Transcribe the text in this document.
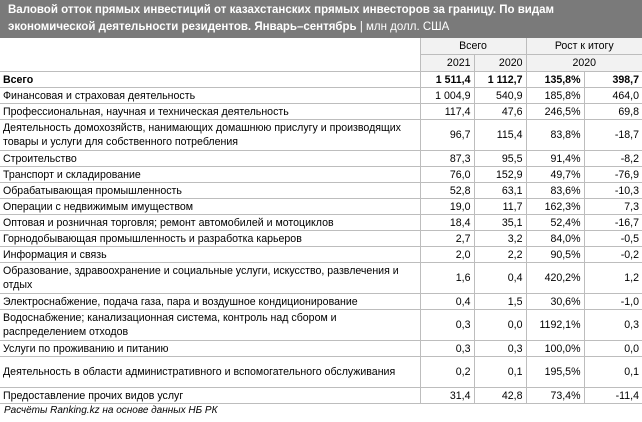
Валовой отток прямых инвестиций от казахстанских прямых инвесторов за границу. По видам экономической деятельности резидентов. Январь–сентябрь | млн долл. США
	Всего		Рост к итогу	
	2021	2020	2020	
Всего	1 511,4	1 112,7	135,8%	398,7
Финансовая и страховая деятельность	1 004,9	540,9	185,8%	464,0
Профессиональная, научная и техническая деятельность	117,4	47,6	246,5%	69,8
Деятельность домохозяйств, нанимающих домашнюю прислугу и производящих товары и услуги для собственного потребления	96,7	115,4	83,8%	-18,7
Строительство	87,3	95,5	91,4%	-8,2
Транспорт и складирование	76,0	152,9	49,7%	-76,9
Обрабатывающая промышленность	52,8	63,1	83,6%	-10,3
Операции с недвижимым имуществом	19,0	11,7	162,3%	7,3
Оптовая и розничная торговля; ремонт автомобилей и мотоциклов	18,4	35,1	52,4%	-16,7
Горнодобывающая промышленность и разработка карьеров	2,7	3,2	84,0%	-0,5
Информация и связь	2,0	2,2	90,5%	-0,2
Образование, здравоохранение и социальные услуги, искусство, развлечения и отдых	1,6	0,4	420,2%	1,2
Электроснабжение, подача газа, пара и воздушное кондиционирование	0,4	1,5	30,6%	-1,0
Водоснабжение; канализационная система, контроль над сбором и распределением отходов	0,3	0,0	1192,1%	0,3
Услуги по проживанию и питанию	0,3	0,3	100,0%	0,0
Деятельность в области административного и вспомогательного обслуживания	0,2	0,1	195,5%	0,1
Предоставление прочих видов услуг	31,4	42,8	73,4%	-11,4
Расчёты Ranking.kz на основе данных НБ РК
